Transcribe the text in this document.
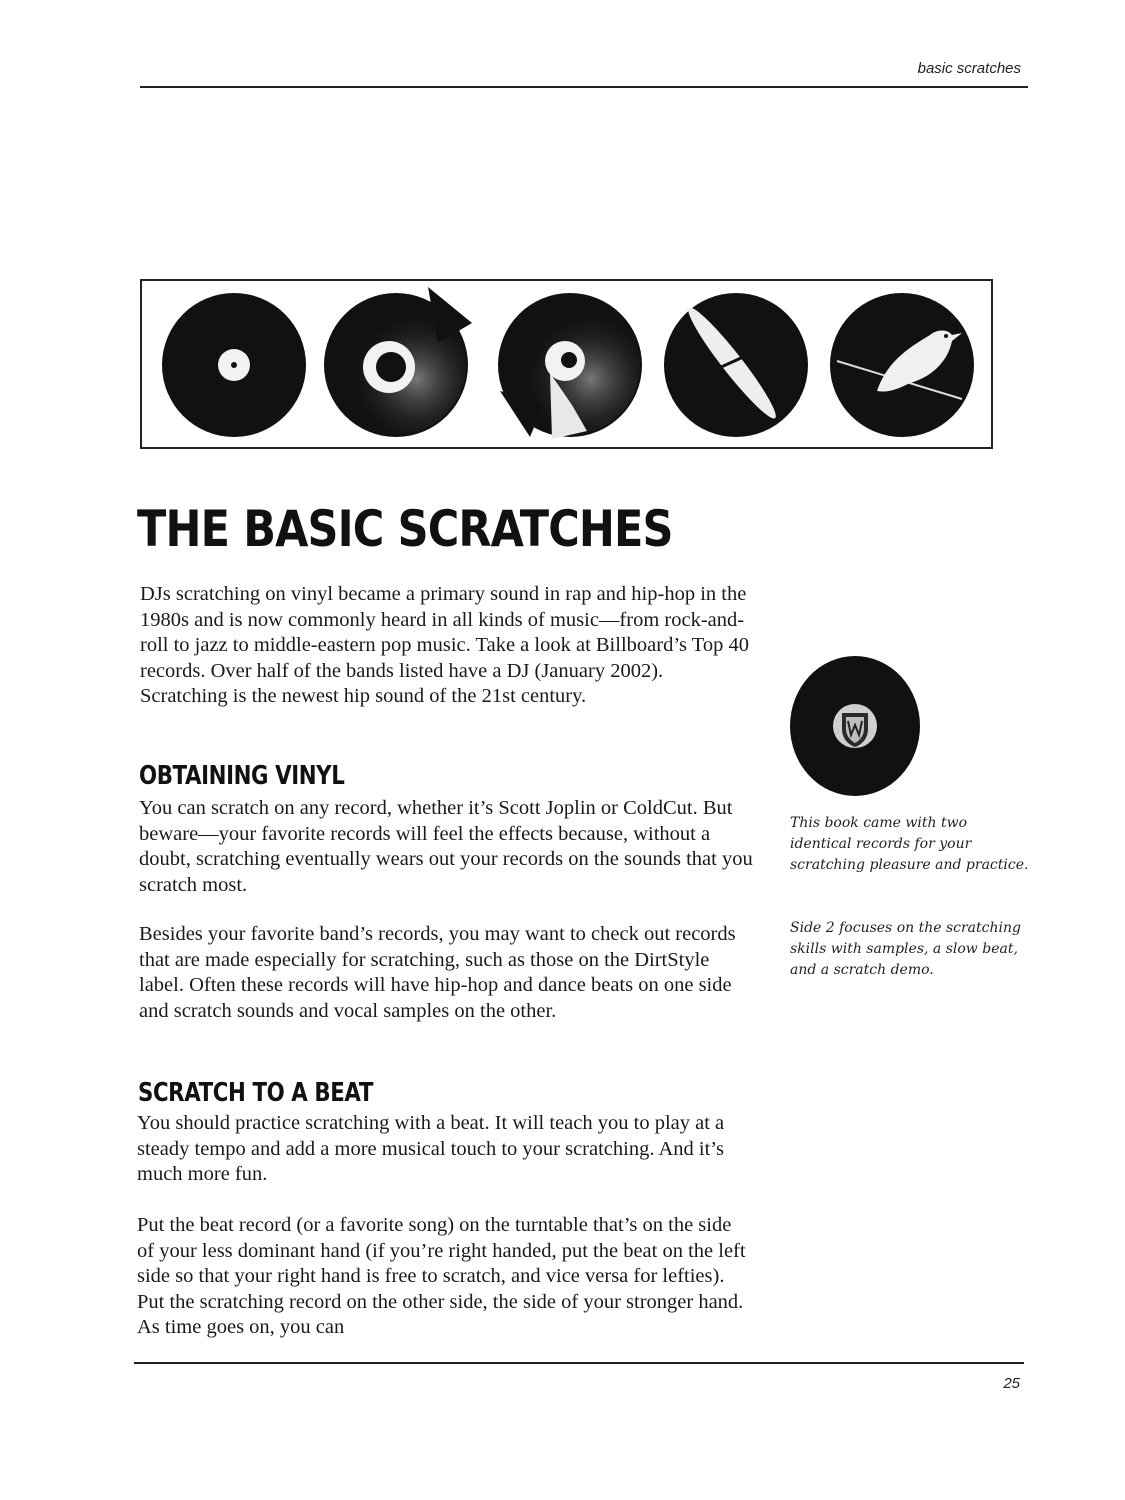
basic scratches
THE BASIC SCRATCHES

DJs scratching on vinyl became a primary sound in rap and hip-hop in the 1980s and is now commonly heard in all kinds of music—from rock-and-roll to jazz to middle-eastern pop music. Take a look at Billboard’s Top 40 records. Over half of the bands listed have a DJ (January 2002). Scratching is the newest hip sound of the 21st century.

OBTAINING VINYL

You can scratch on any record, whether it’s Scott Joplin or ColdCut. But beware—your favorite records will feel the effects because, without a doubt, scratching eventually wears out your records on the sounds that you scratch most.

Besides your favorite band’s records, you may want to check out records that are made especially for scratching, such as those on the DirtStyle label. Often these records will have hip-hop and dance beats on one side and scratch sounds and vocal samples on the other.

SCRATCH TO A BEAT

You should practice scratching with a beat. It will teach you to play at a steady tempo and add a more musical touch to your scratching. And it’s much more fun.

Put the beat record (or a favorite song) on the turntable that’s on the side of your less dominant hand (if you’re right handed, put the beat on the left side so that your right hand is free to scratch, and vice versa for lefties). Put the scratching record on the other side, the side of your stronger hand. As time goes on, you can

This book came with two identical records for your scratching pleasure and practice.

Side 2 focuses on the scratching skills with samples, a slow beat, and a scratch demo.

25
